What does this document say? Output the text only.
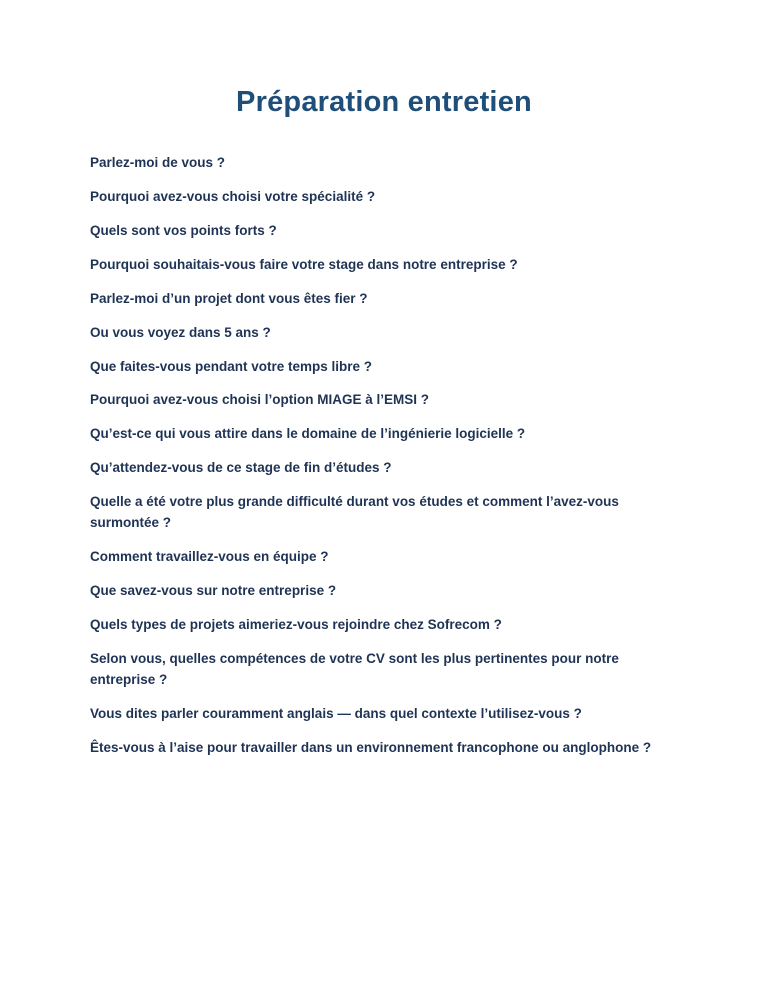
Préparation entretien

Parlez-moi de vous ?

Pourquoi avez-vous choisi votre spécialité ?

Quels sont vos points forts ?

Pourquoi souhaitais-vous faire votre stage dans notre entreprise ?

Parlez-moi d’un projet dont vous êtes fier ?

Ou vous voyez dans 5 ans ?

Que faites-vous pendant votre temps libre ?

Pourquoi avez-vous choisi l’option MIAGE à l’EMSI ?

Qu’est-ce qui vous attire dans le domaine de l’ingénierie logicielle ?

Qu’attendez-vous de ce stage de fin d’études ?

Quelle a été votre plus grande difficulté durant vos études et comment l’avez-vous surmontée ?

Comment travaillez-vous en équipe ?

Que savez-vous sur notre entreprise ?

Quels types de projets aimeriez-vous rejoindre chez Sofrecom ?

Selon vous, quelles compétences de votre CV sont les plus pertinentes pour notre entreprise ?

Vous dites parler couramment anglais — dans quel contexte l’utilisez-vous ?

Êtes-vous à l’aise pour travailler dans un environnement francophone ou anglophone ?
